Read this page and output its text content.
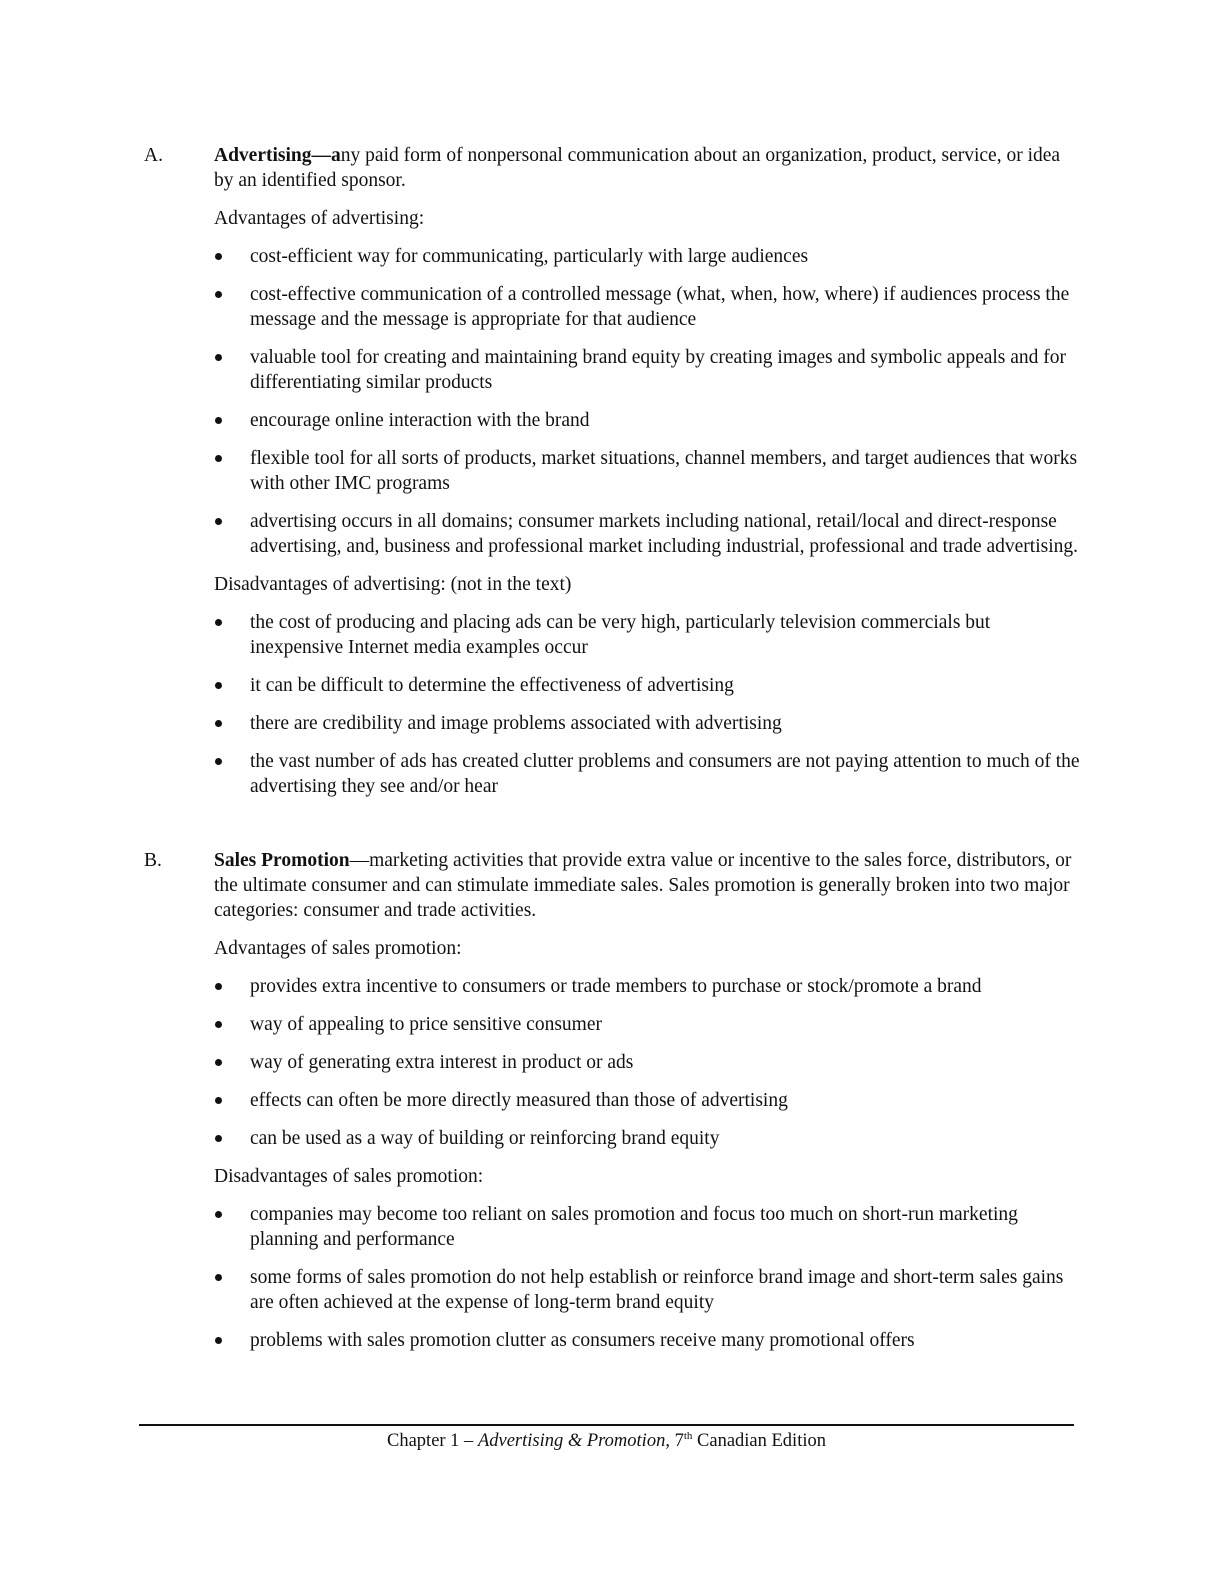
A.	Advertising—any paid form of nonpersonal communication about an organization, product, service, or idea by an identified sponsor.
Advantages of advertising:
cost-efficient way for communicating, particularly with large audiences
cost-effective communication of a controlled message (what, when, how, where) if audiences process the message and the message is appropriate for that audience
valuable tool for creating and maintaining brand equity by creating images and symbolic appeals and for differentiating similar products
encourage online interaction with the brand
flexible tool for all sorts of products, market situations, channel members, and target audiences that works with other IMC programs
advertising occurs in all domains; consumer markets including national, retail/local and direct-response advertising, and, business and professional market including industrial, professional and trade advertising.
Disadvantages of advertising: (not in the text)
the cost of producing and placing ads can be very high, particularly television commercials but inexpensive Internet media examples occur
it can be difficult to determine the effectiveness of advertising
there are credibility and image problems associated with advertising
the vast number of ads has created clutter problems and consumers are not paying attention to much of the advertising they see and/or hear
B.	Sales Promotion—marketing activities that provide extra value or incentive to the sales force, distributors, or the ultimate consumer and can stimulate immediate sales. Sales promotion is generally broken into two major categories: consumer and trade activities.
Advantages of sales promotion:
provides extra incentive to consumers or trade members to purchase or stock/promote a brand
way of appealing to price sensitive consumer
way of generating extra interest in product or ads
effects can often be more directly measured than those of advertising
can be used as a way of building or reinforcing brand equity
Disadvantages of sales promotion:
companies may become too reliant on sales promotion and focus too much on short-run marketing planning and performance
some forms of sales promotion do not help establish or reinforce brand image and short-term sales gains are often achieved at the expense of long-term brand equity
problems with sales promotion clutter as consumers receive many promotional offers
Chapter 1 – Advertising & Promotion, 7th Canadian Edition
